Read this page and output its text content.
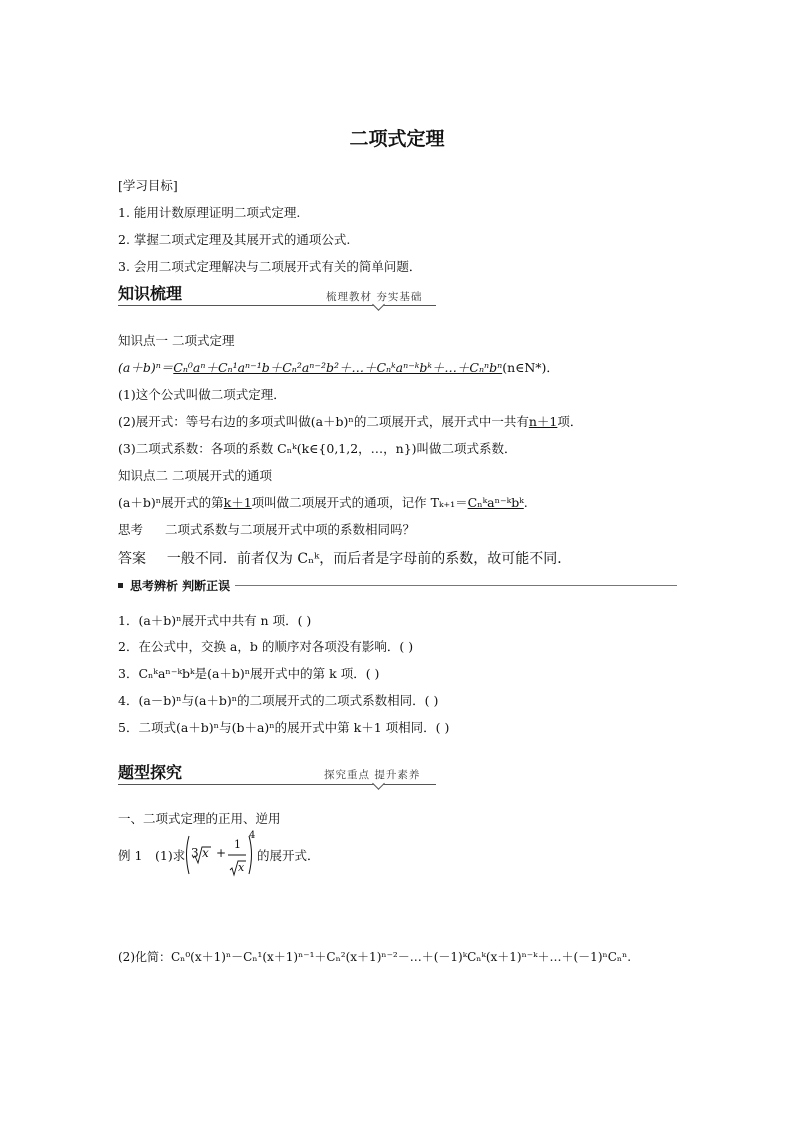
二项式定理
[学习目标]
1. 能用计数原理证明二项式定理.
2. 掌握二项式定理及其展开式的通项公式.
3. 会用二项式定理解决与二项展开式有关的简单问题．
知识梳理	梳理教材 夯实基础
知识点一 二项式定理
(a＋b)ⁿ＝Cₙ⁰aⁿ＋Cₙ¹aⁿ⁻¹b＋Cₙ²aⁿ⁻²b²＋…＋Cₙᵏaⁿ⁻ᵏbᵏ＋…＋Cₙⁿbⁿ(n∈N*)．
(1)这个公式叫做二项式定理．
(2)展开式：等号右边的多项式叫做(a＋b)ⁿ的二项展开式，展开式中一共有n＋1项．
(3)二项式系数：各项的系数 Cₙᵏ(k∈{0,1,2，…，n})叫做二项式系数．
知识点二 二项展开式的通项
(a＋b)ⁿ展开式的第k＋1项叫做二项展开式的通项，记作 Tₖ₊₁＝Cₙᵏaⁿ⁻ᵏbᵏ.
思考 二项式系数与二项展开式中项的系数相同吗？
答案 一般不同．前者仅为 Cₙᵏ，而后者是字母前的系数，故可能不同．
思考辨析 判断正误
1．(a＋b)ⁿ展开式中共有 n 项．( )
2．在公式中，交换 a，b 的顺序对各项没有影响．( )
3．Cₙᵏaⁿ⁻ᵏbᵏ是(a＋b)ⁿ展开式中的第 k 项．( )
4．(a－b)ⁿ与(a＋b)ⁿ的二项展开式的二项式系数相同．( )
5．二项式(a＋b)ⁿ与(b＋a)ⁿ的展开式中第 k＋1 项相同．( )
题型探究	探究重点 提升素养
一、二项式定理的正用、逆用
例 1 (1)求 3 x +
1
x
4
的展开式．
(2)化简：Cₙ⁰(x＋1)ⁿ－Cₙ¹(x＋1)ⁿ⁻¹＋Cₙ²(x＋1)ⁿ⁻²－…＋(－1)ᵏCₙᵏ(x＋1)ⁿ⁻ᵏ＋…＋(－1)ⁿCₙⁿ.
